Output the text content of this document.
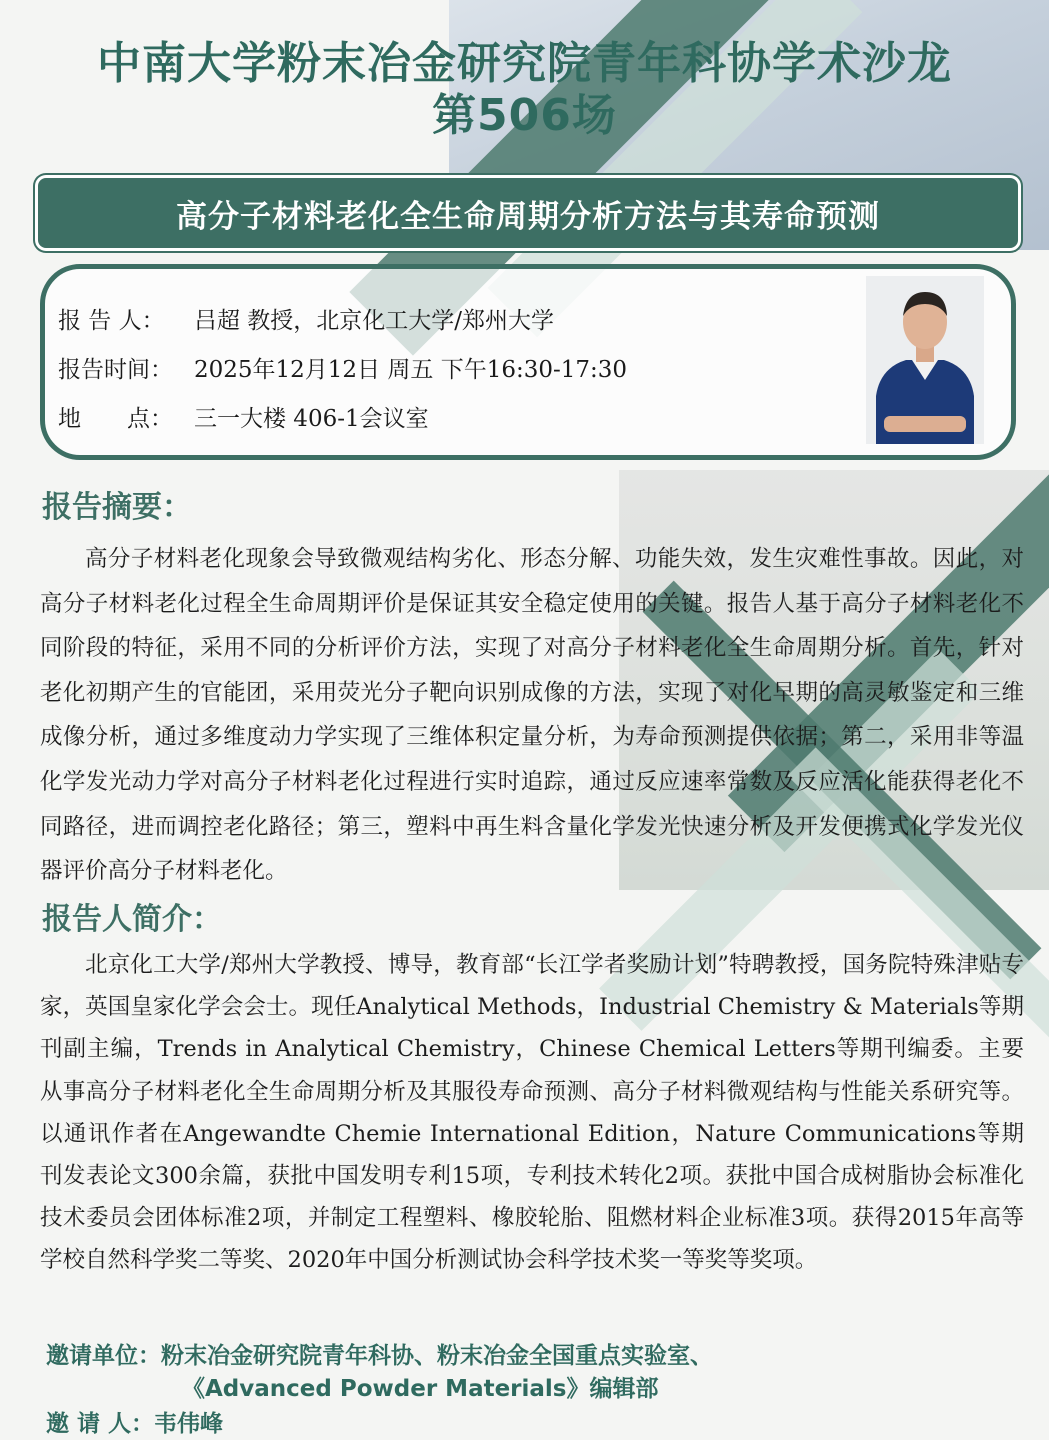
中南大学粉末冶金研究院青年科协学术沙龙
第506场
高分子材料老化全生命周期分析方法与其寿命预测
报 告 人：	吕超 教授，北京化工大学/郑州大学
报告时间： 2025年12月12日 周五 下午16:30-17:30
地　　点： 三一大楼 406-1会议室
报告摘要：
高分子材料老化现象会导致微观结构劣化、形态分解、功能失效，发生灾难性事故。因此，对高分子材料老化过程全生命周期评价是保证其安全稳定使用的关键。报告人基于高分子材料老化不同阶段的特征，采用不同的分析评价方法，实现了对高分子材料老化全生命周期分析。首先，针对老化初期产生的官能团，采用荧光分子靶向识别成像的方法，实现了对化早期的高灵敏鉴定和三维成像分析，通过多维度动力学实现了三维体积定量分析，为寿命预测提供依据；第二，采用非等温化学发光动力学对高分子材料老化过程进行实时追踪，通过反应速率常数及反应活化能获得老化不同路径，进而调控老化路径；第三，塑料中再生料含量化学发光快速分析及开发便携式化学发光仪器评价高分子材料老化。
报告人简介：
北京化工大学/郑州大学教授、博导，教育部“长江学者奖励计划”特聘教授，国务院特殊津贴专家，英国皇家化学会会士。现任Analytical Methods，Industrial Chemistry & Materials等期刊副主编，Trends in Analytical Chemistry，Chinese Chemical Letters等期刊编委。主要从事高分子材料老化全生命周期分析及其服役寿命预测、高分子材料微观结构与性能关系研究等。以通讯作者在Angewandte Chemie International Edition，Nature Communications等期刊发表论文300余篇，获批中国发明专利15项，专利技术转化2项。获批中国合成树脂协会标准化技术委员会团体标准2项，并制定工程塑料、橡胶轮胎、阻燃材料企业标准3项。获得2015年高等学校自然科学奖二等奖、2020年中国分析测试协会科学技术奖一等奖等奖项。
邀请单位：粉末冶金研究院青年科协、粉末冶金全国重点实验室、
《Advanced Powder Materials》编辑部
邀 请 人：韦伟峰
